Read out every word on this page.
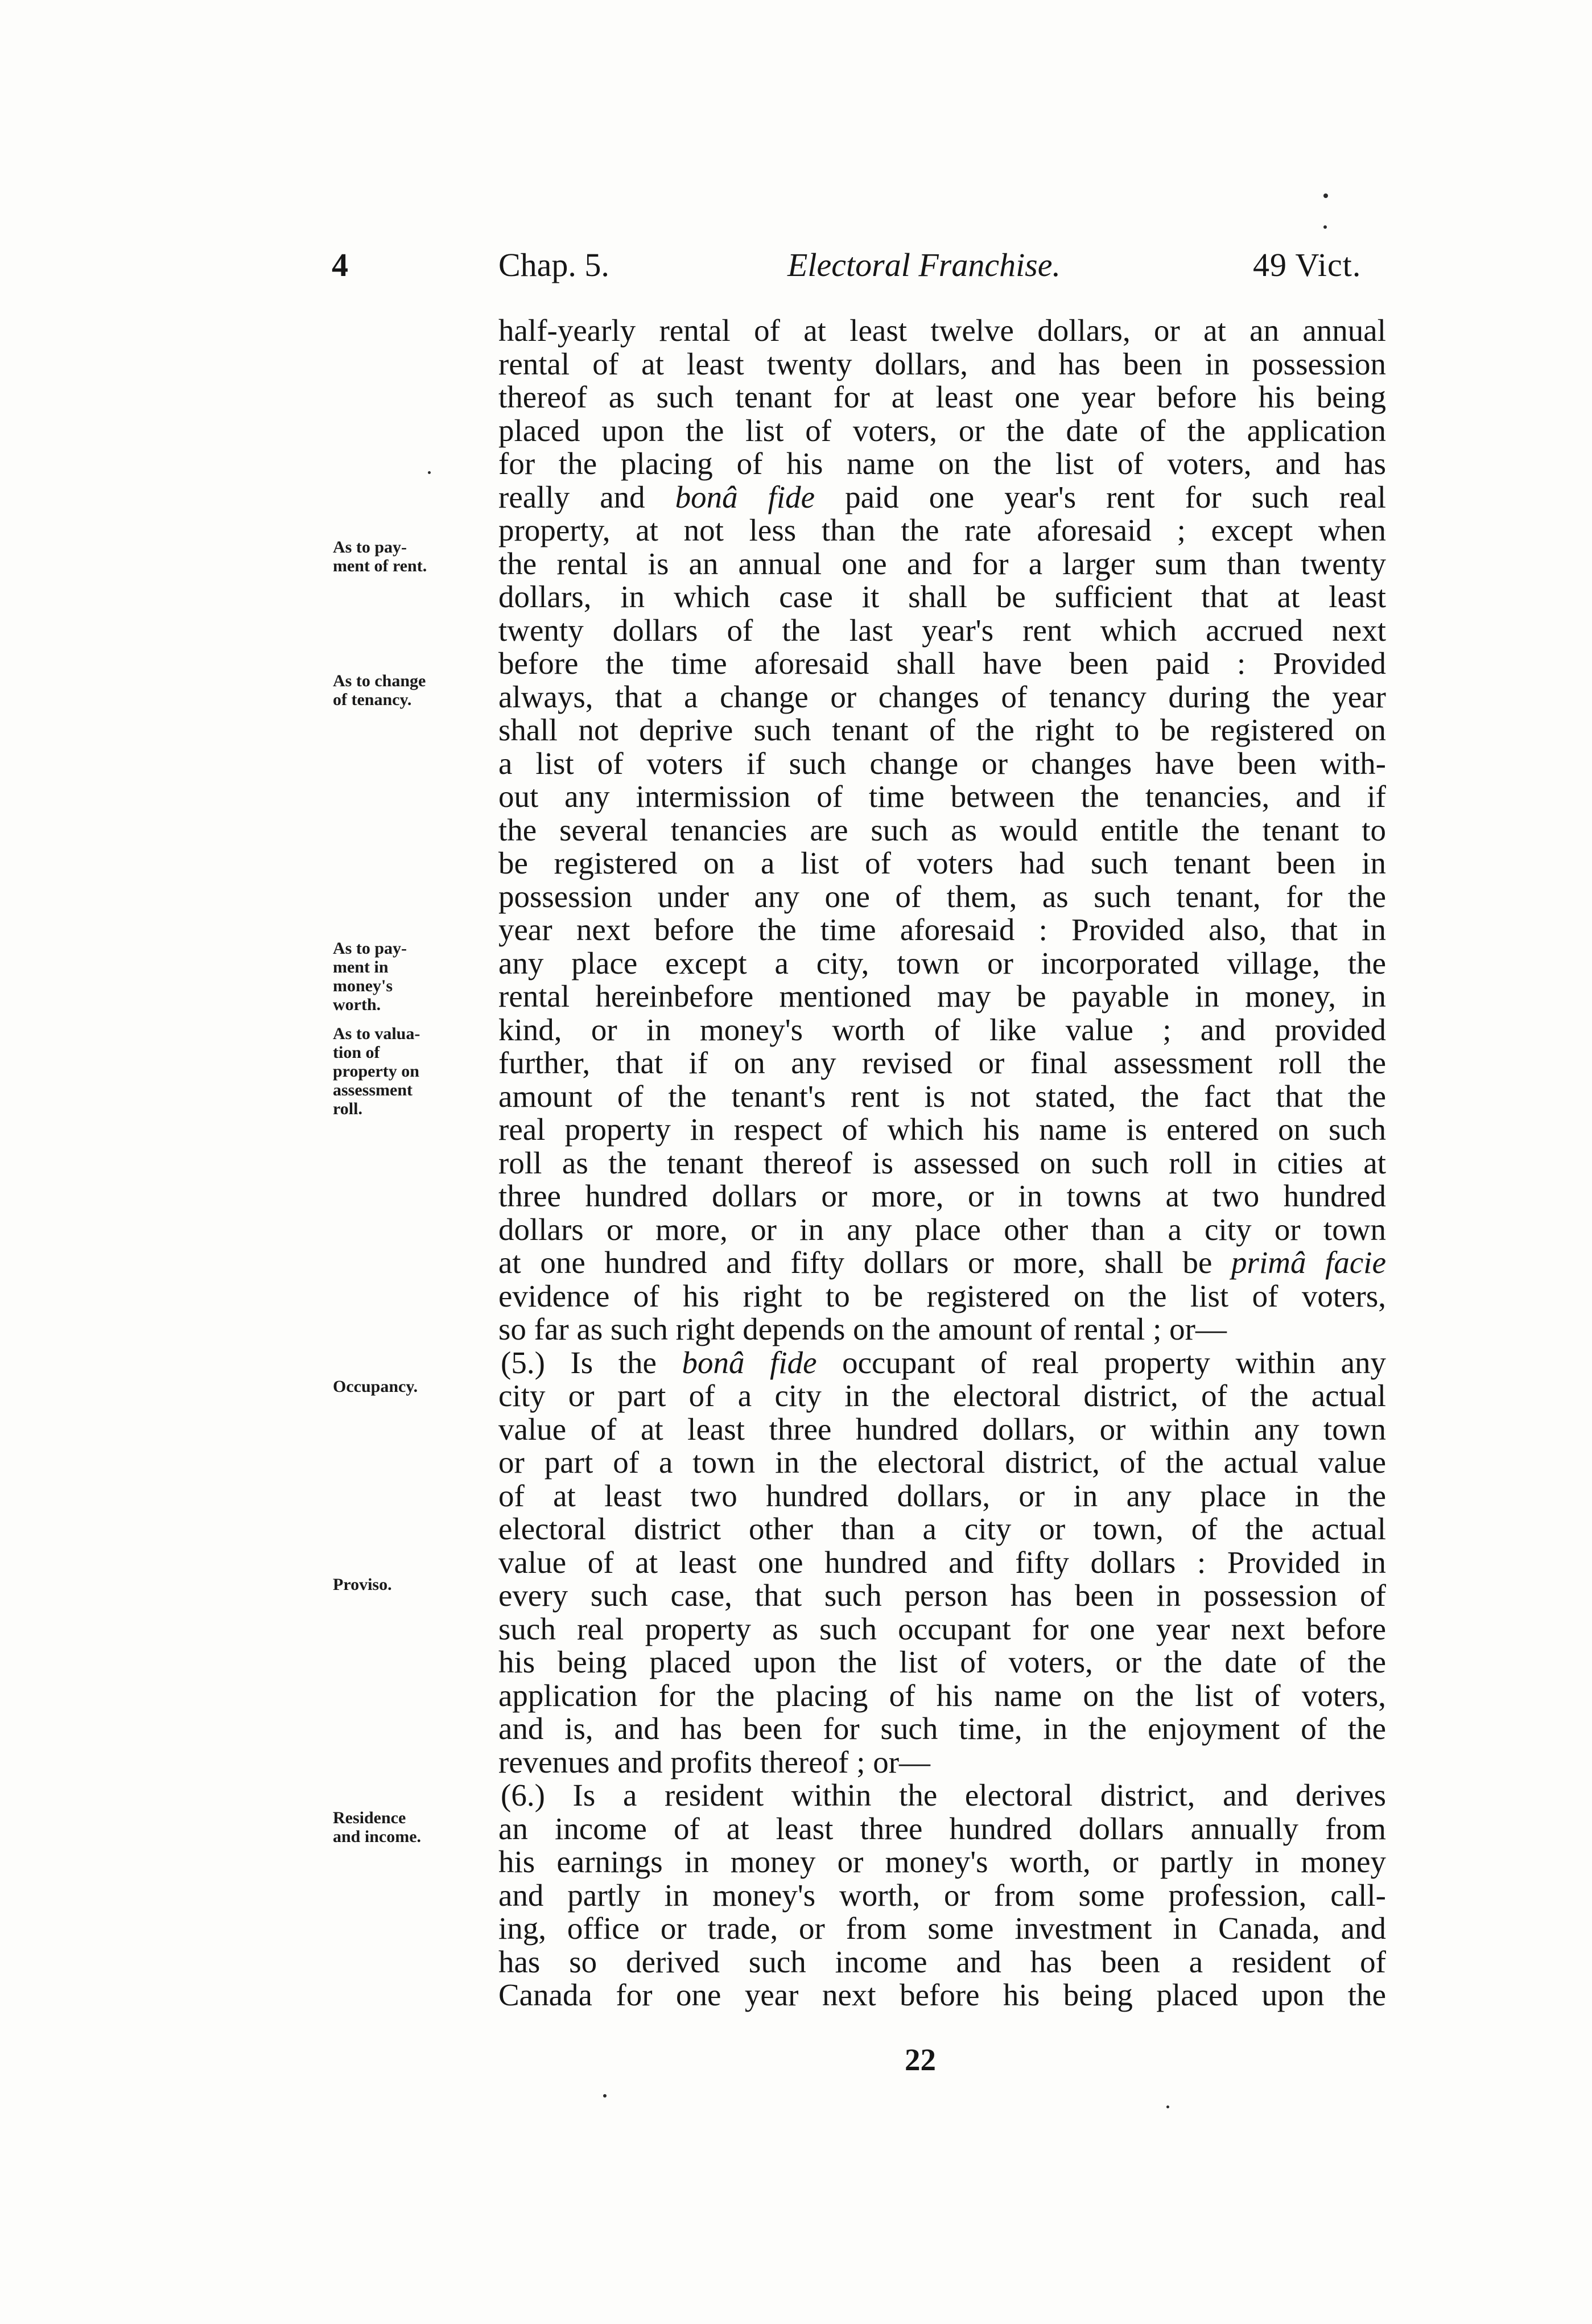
4	Chap. 5.	Electoral Franchise.	49 Vict.
As to pay-
ment of rent.
As to change
of tenancy.
As to pay-
ment in
money's
worth.
As to valua-
tion of
property on
assessment
roll.
Occupancy.
Proviso.
Residence
and income.
half-yearly rental of at least twelve dollars, or at an annual
rental of at least twenty dollars, and has been in possession
thereof as such tenant for at least one year before his being
placed upon the list of voters, or the date of the application
for the placing of his name on the list of voters, and has
really and bonâ fide paid one year's rent for such real
property, at not less than the rate aforesaid ; except when
the rental is an annual one and for a larger sum than twenty
dollars, in which case it shall be sufficient that at least
twenty dollars of the last year's rent which accrued next
before the time aforesaid shall have been paid : Provided
always, that a change or changes of tenancy during the year
shall not deprive such tenant of the right to be registered on
a list of voters if such change or changes have been with-
out any intermission of time between the tenancies, and if
the several tenancies are such as would entitle the tenant to
be registered on a list of voters had such tenant been in
possession under any one of them, as such tenant, for the
year next before the time aforesaid : Provided also, that in
any place except a city, town or incorporated village, the
rental hereinbefore mentioned may be payable in money, in
kind, or in money's worth of like value ; and provided
further, that if on any revised or final assessment roll the
amount of the tenant's rent is not stated, the fact that the
real property in respect of which his name is entered on such
roll as the tenant thereof is assessed on such roll in cities at
three hundred dollars or more, or in towns at two hundred
dollars or more, or in any place other than a city or town
at one hundred and fifty dollars or more, shall be primâ facie
evidence of his right to be registered on the list of voters,
so far as such right depends on the amount of rental ; or—
(5.) Is the bonâ fide occupant of real property within any
city or part of a city in the electoral district, of the actual
value of at least three hundred dollars, or within any town
or part of a town in the electoral district, of the actual value
of at least two hundred dollars, or in any place in the
electoral district other than a city or town, of the actual
value of at least one hundred and fifty dollars : Provided in
every such case, that such person has been in possession of
such real property as such occupant for one year next before
his being placed upon the list of voters, or the date of the
application for the placing of his name on the list of voters,
and is, and has been for such time, in the enjoyment of the
revenues and profits thereof ; or—
(6.) Is a resident within the electoral district, and derives
an income of at least three hundred dollars annually from
his earnings in money or money's worth, or partly in money
and partly in money's worth, or from some profession, call-
ing, office or trade, or from some investment in Canada, and
has so derived such income and has been a resident of
Canada for one year next before his being placed upon the
22
